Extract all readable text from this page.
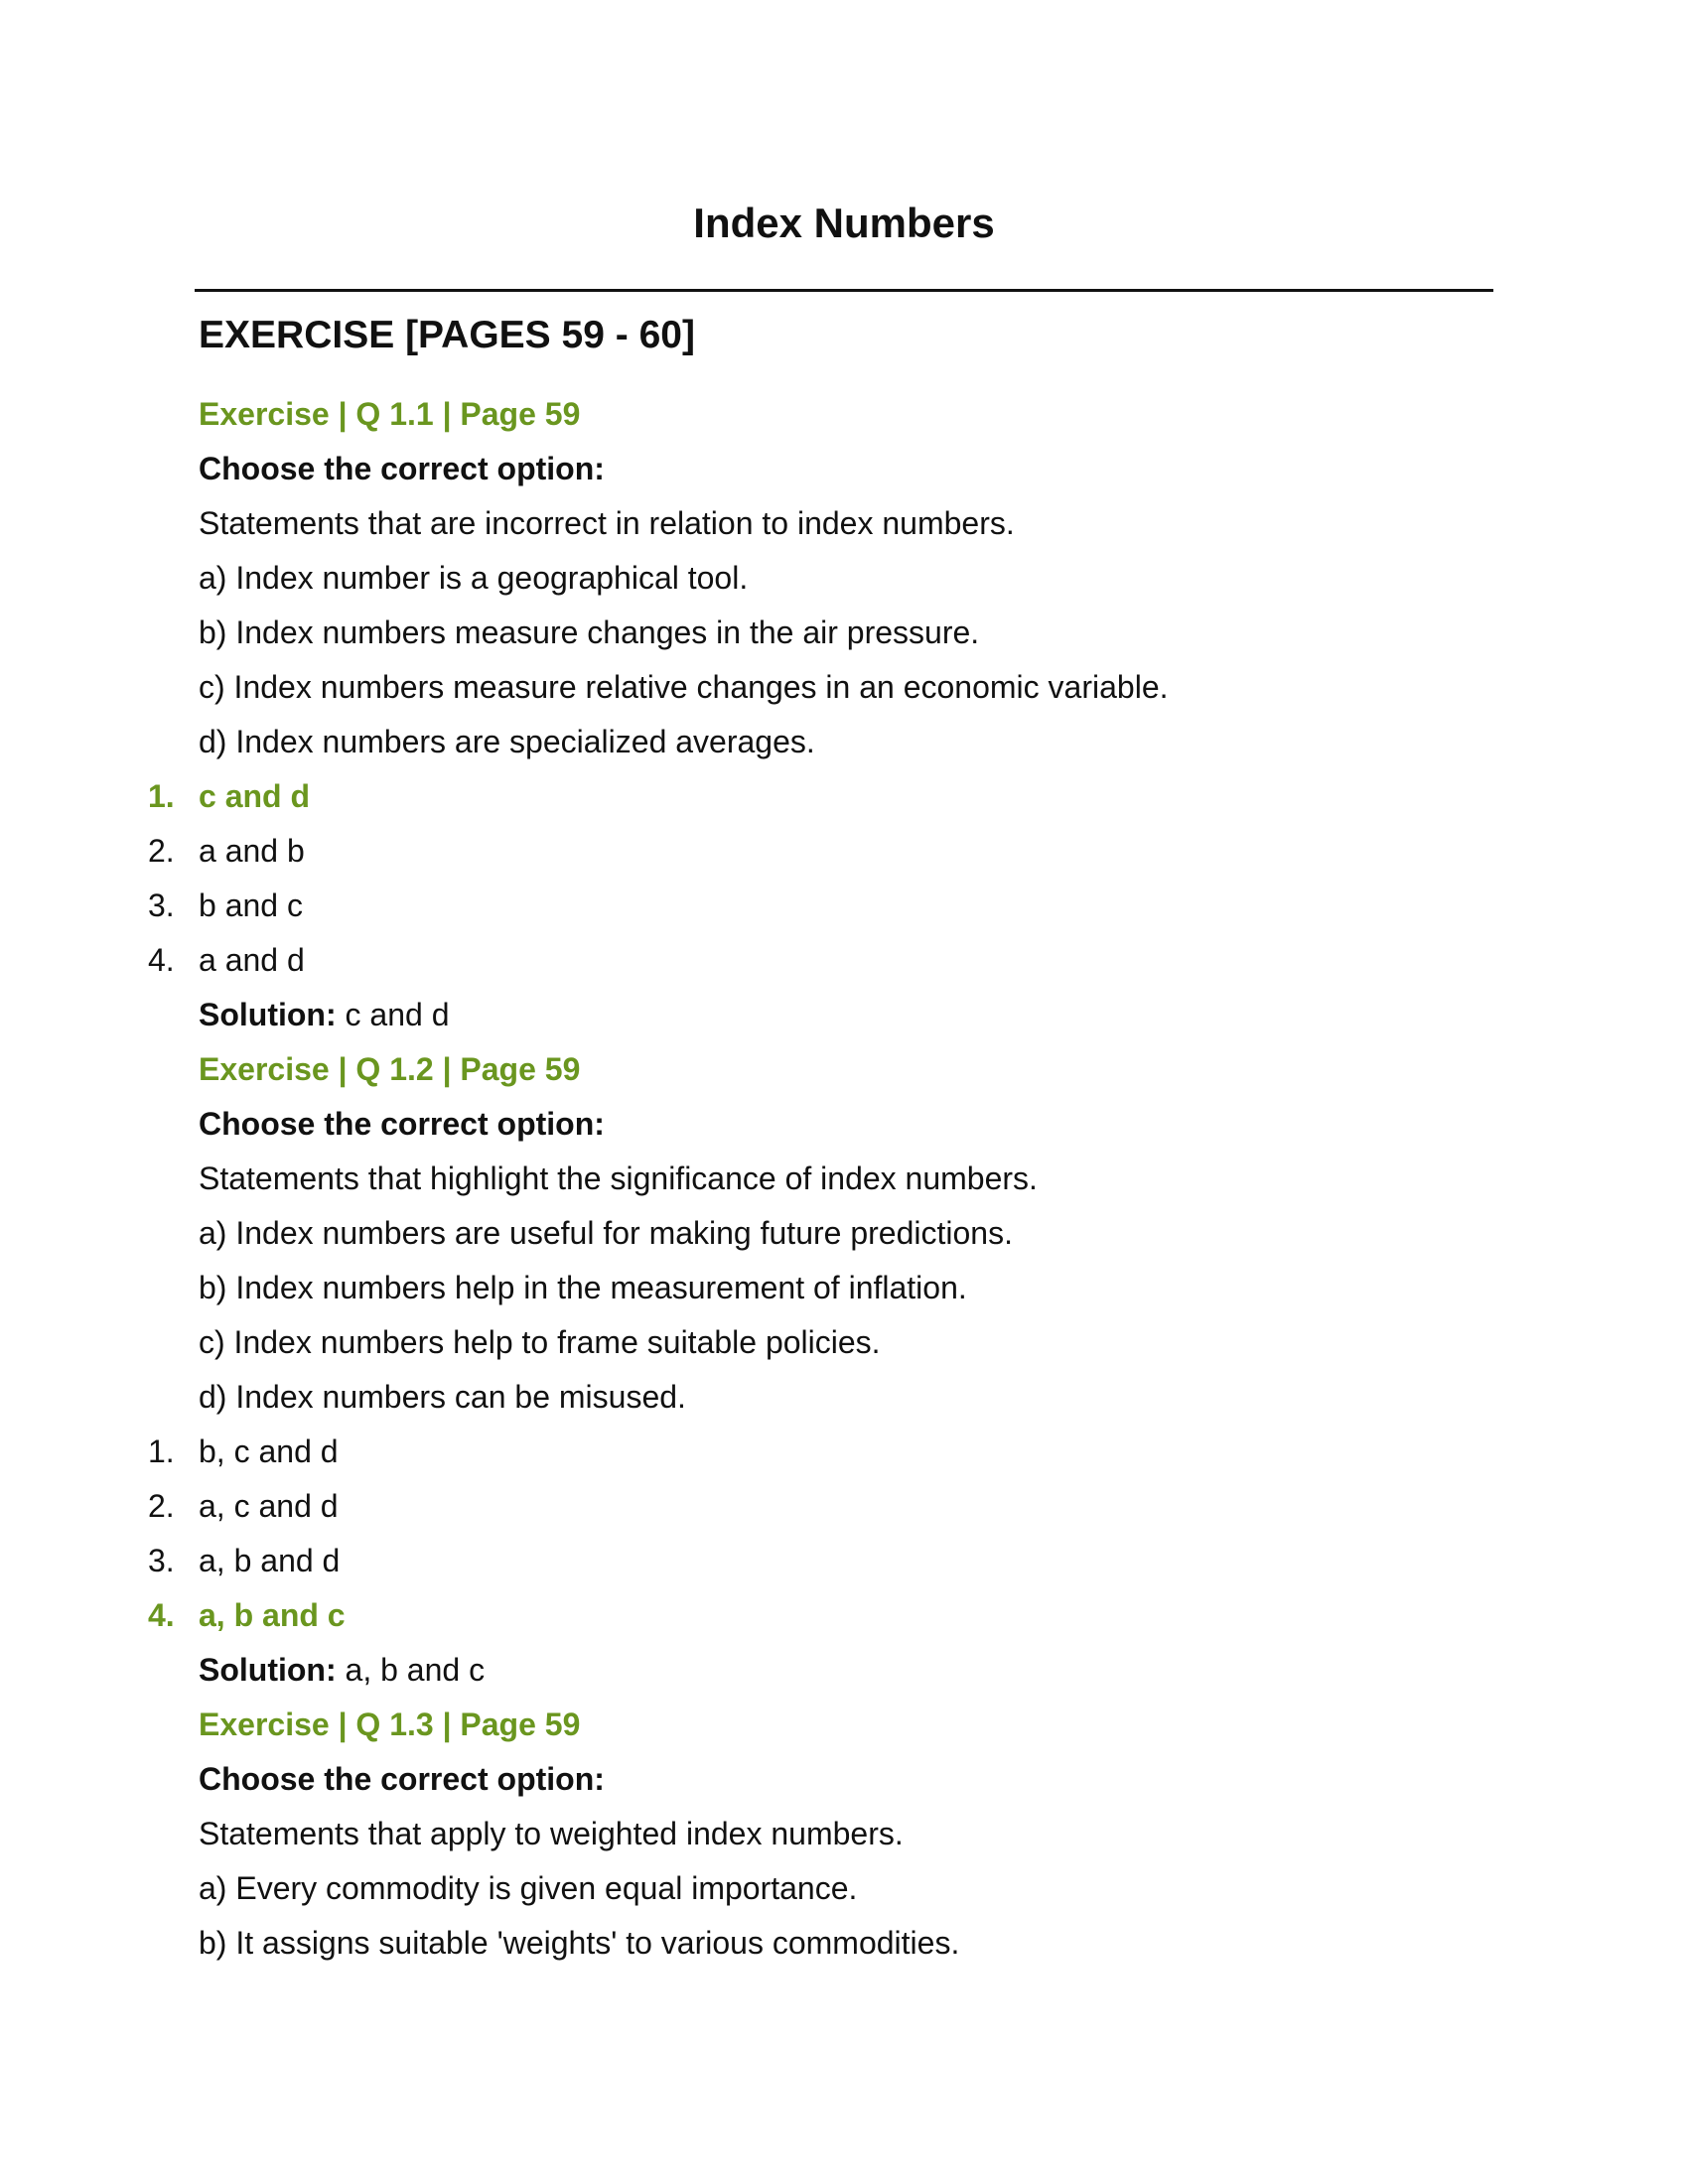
Index Numbers
EXERCISE [PAGES 59 - 60]
Exercise | Q 1.1 | Page 59
Choose the correct option:
Statements that are incorrect in relation to index numbers.
a) Index number is a geographical tool.
b) Index numbers measure changes in the air pressure.
c) Index numbers measure relative changes in an economic variable.
d) Index numbers are specialized averages.
1. c and d
2. a and b
3. b and c
4. a and d
Solution: c and d
Exercise | Q 1.2 | Page 59
Choose the correct option:
Statements that highlight the significance of index numbers.
a) Index numbers are useful for making future predictions.
b) Index numbers help in the measurement of inflation.
c) Index numbers help to frame suitable policies.
d) Index numbers can be misused.
1. b, c and d
2. a, c and d
3. a, b and d
4. a, b and c
Solution: a, b and c
Exercise | Q 1.3 | Page 59
Choose the correct option:
Statements that apply to weighted index numbers.
a) Every commodity is given equal importance.
b) It assigns suitable 'weights' to various commodities.
